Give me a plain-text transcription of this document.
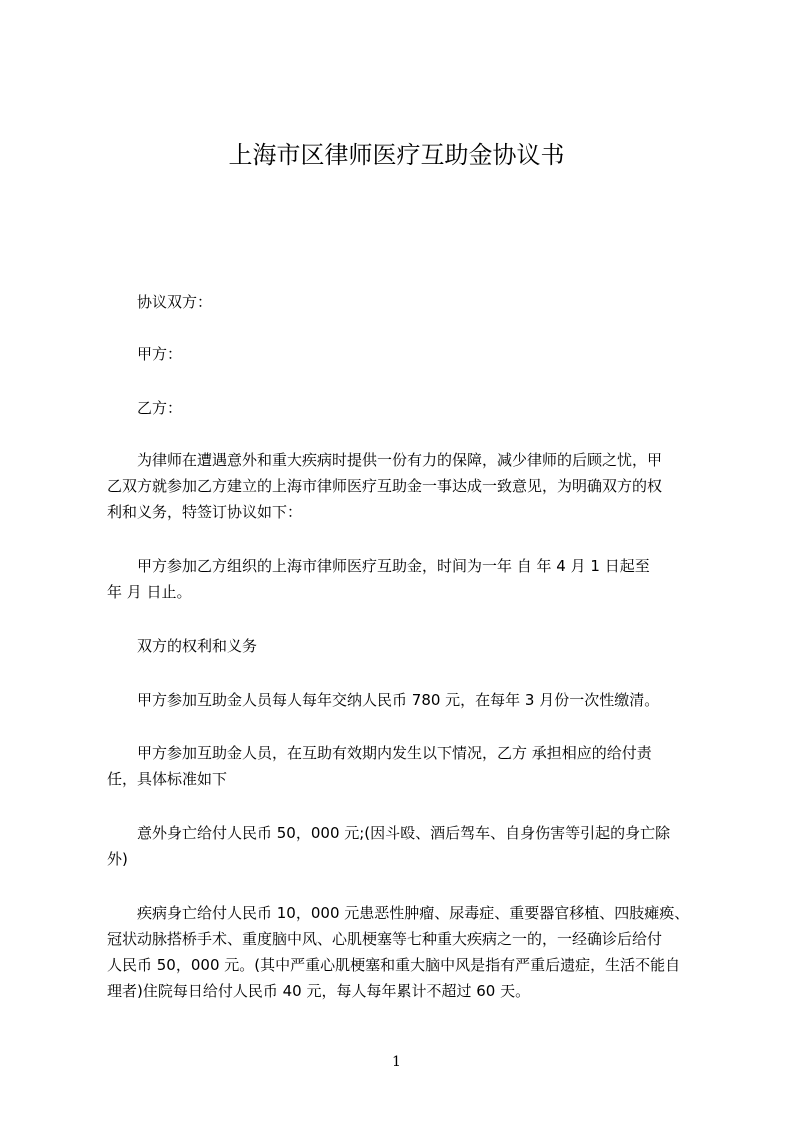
上海市区律师医疗互助金协议书
协议双方：
甲方：
乙方：
为律师在遭遇意外和重大疾病时提供一份有力的保障，减少律师的后顾之忧，甲
乙双方就参加乙方建立的上海市律师医疗互助金一事达成一致意见，为明确双方的权
利和义务，特签订协议如下：
甲方参加乙方组织的上海市律师医疗互助金，时间为一年 自 年 4 月 1 日起至
年 月 日止。
双方的权利和义务
甲方参加互助金人员每人每年交纳人民币 780 元，在每年 3 月份一次性缴清。
甲方参加互助金人员，在互助有效期内发生以下情况，乙方 承担相应的给付责
任，具体标准如下
意外身亡给付人民币 50，000 元;(因斗殴、酒后驾车、自身伤害等引起的身亡除
外)
疾病身亡给付人民币 10，000 元患恶性肿瘤、尿毒症、重要器官移植、四肢瘫痪、
冠状动脉搭桥手术、重度脑中风、心肌梗塞等七种重大疾病之一的，一经确诊后给付
人民币 50，000 元。(其中严重心肌梗塞和重大脑中风是指有严重后遗症，生活不能自
理者)住院每日给付人民币 40 元，每人每年累计不超过 60 天。
1
